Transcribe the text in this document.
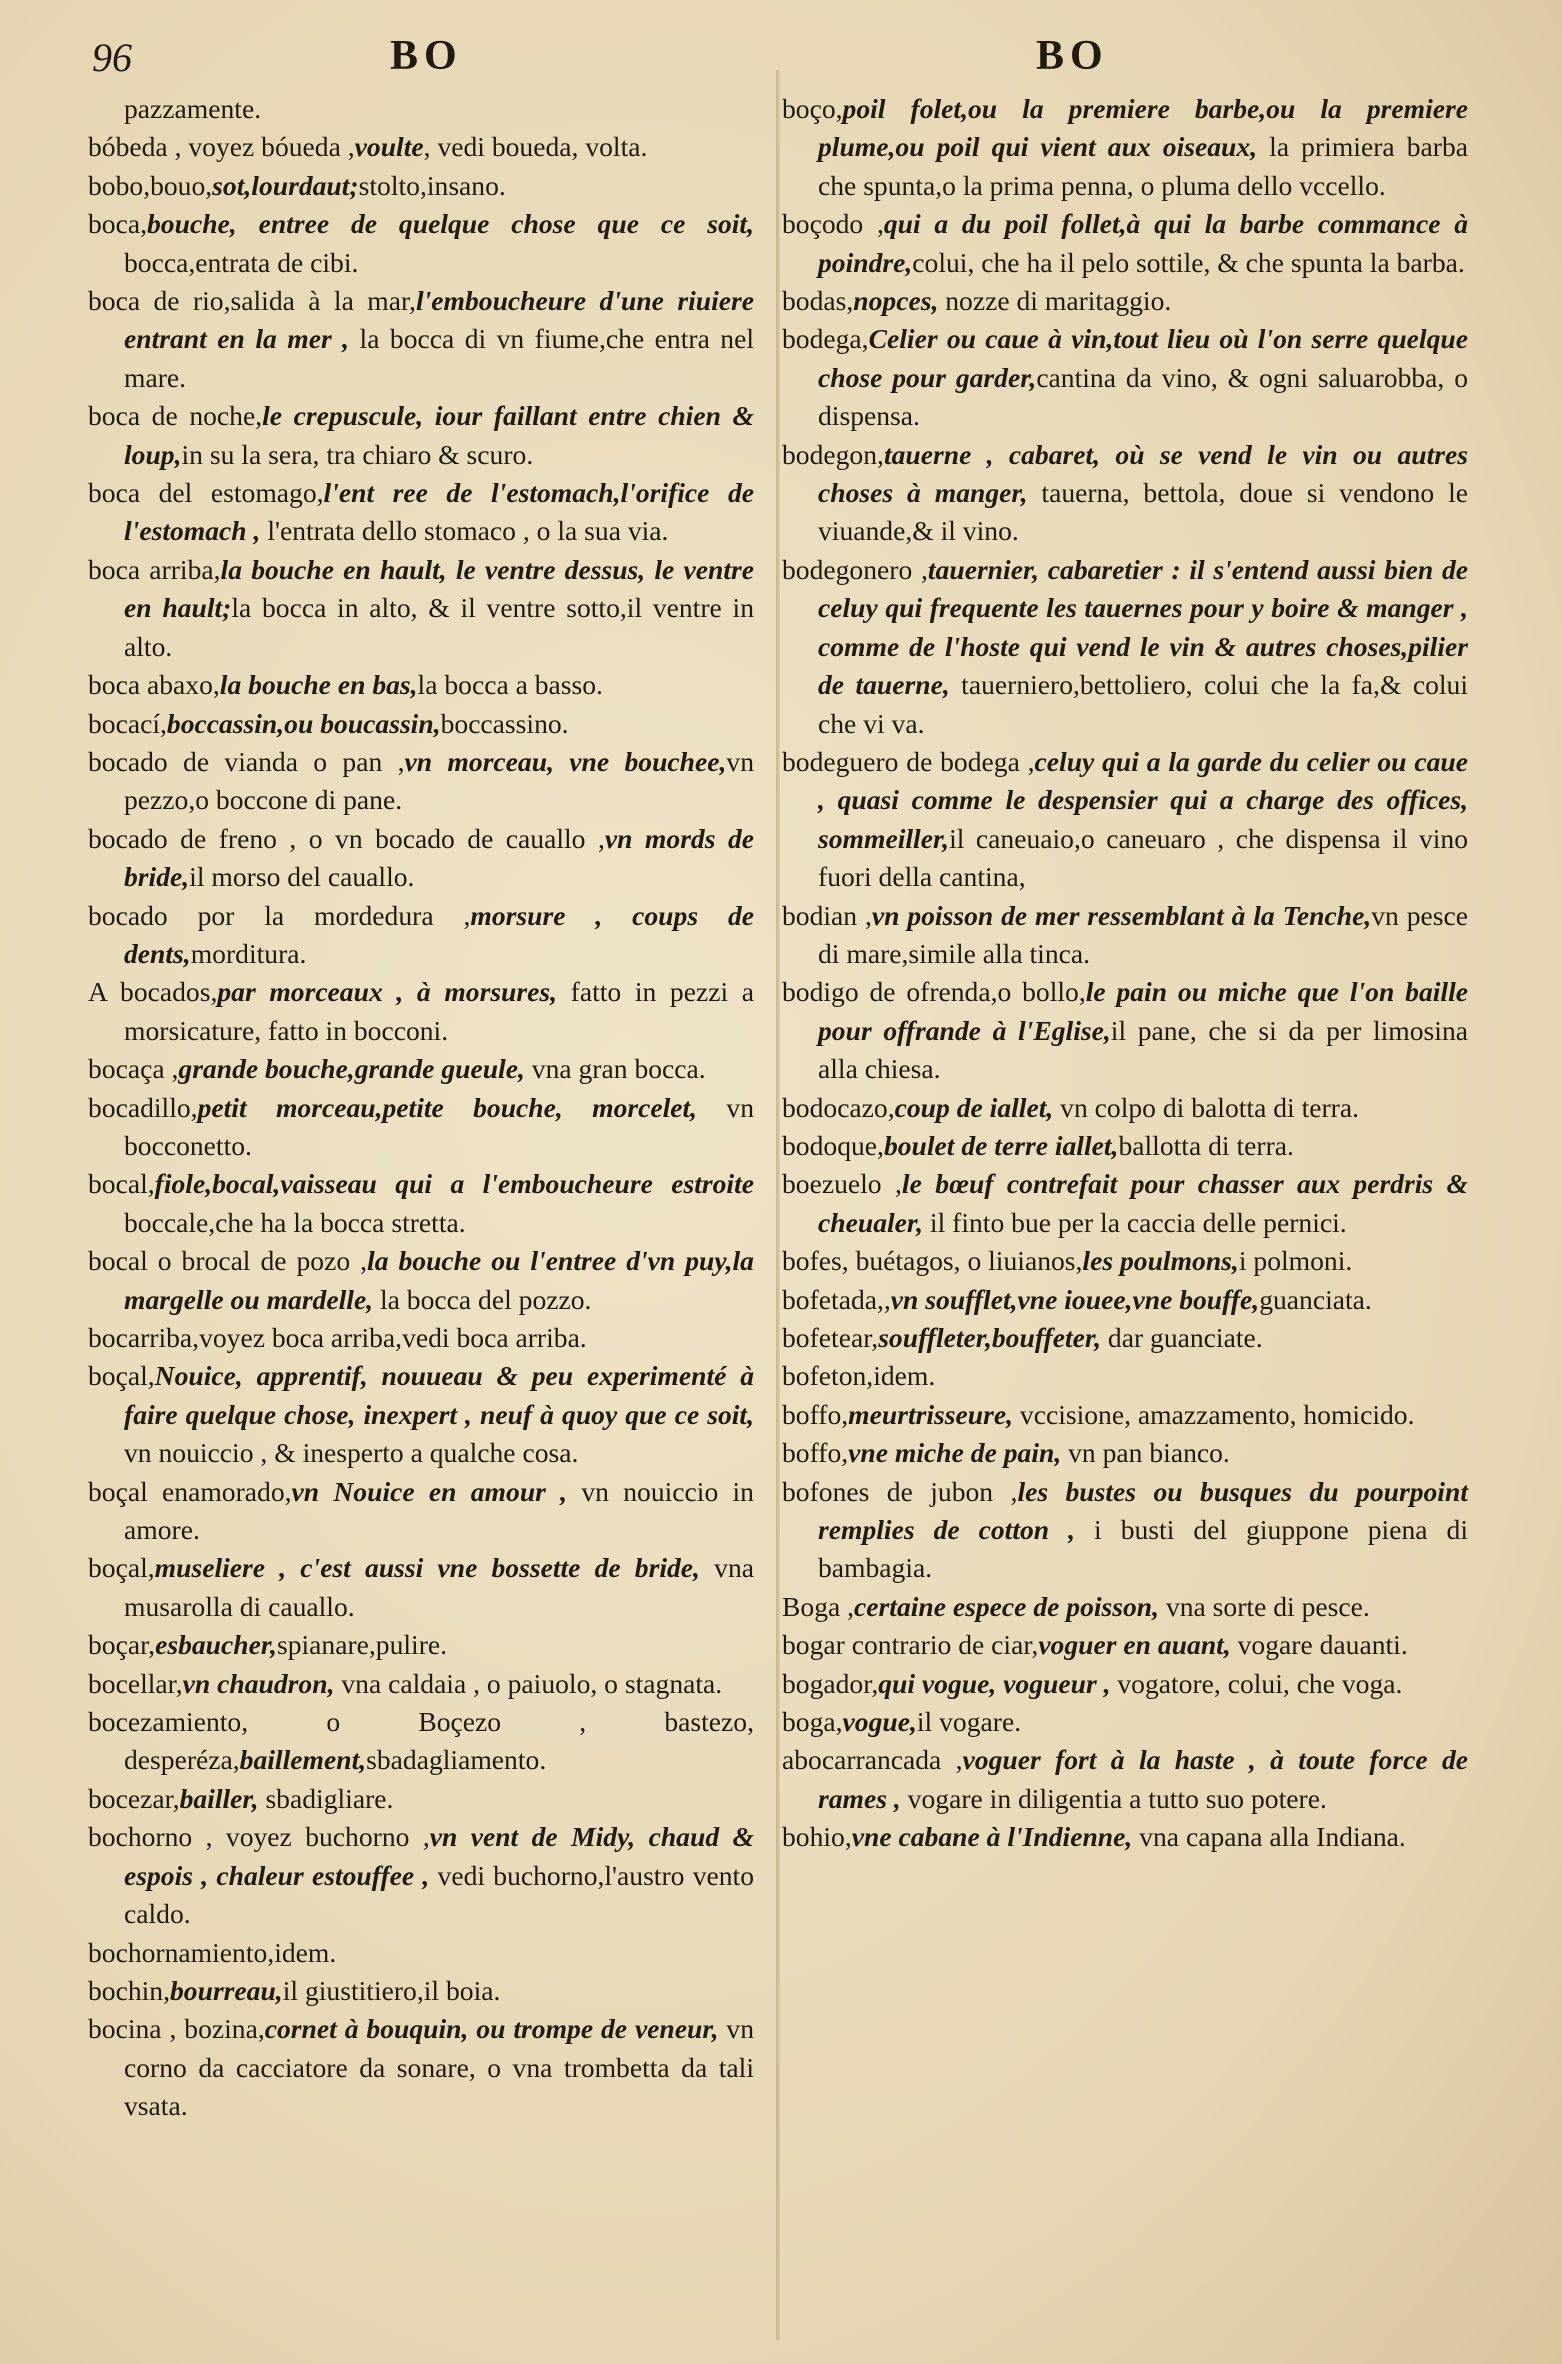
96	BO	BO

pazzamente.

bóbeda , voyez bóueda ,voulte, vedi boueda, volta.

bobo,bouo,sot,lourdaut;stolto,insano.

boca,bouche, entree de quelque chose que ce soit, bocca,entrata de cibi.

boca de rio,salida à la mar,l'emboucheure d'une riuiere entrant en la mer , la bocca di vn fiume,che entra nel mare.

boca de noche,le crepuscule, iour faillant entre chien & loup,in su la sera, tra chiaro & scuro.

boca del estomago,l'ent ree de l'estomach,l'orifice de l'estomach , l'entrata dello stomaco , o la sua via.

boca arriba,la bouche en hault, le ventre dessus, le ventre en hault;la bocca in alto, & il ventre sotto,il ventre in alto.

boca abaxo,la bouche en bas,la bocca a basso.

bocací,boccassin,ou boucassin,boccassino.

bocado de vianda o pan ,vn morceau, vne bouchee,vn pezzo,o boccone di pane.

bocado de freno , o vn bocado de cauallo ,vn mords de bride,il morso del cauallo.

bocado por la mordedura ,morsure , coups de dents,morditura.

A bocados,par morceaux , à morsures, fatto in pezzi a morsicature, fatto in bocconi.

bocaça ,grande bouche,grande gueule, vna gran bocca.

bocadillo,petit morceau,petite bouche, morcelet, vn bocconetto.

bocal,fiole,bocal,vaisseau qui a l'emboucheure estroite boccale,che ha la bocca stretta.

bocal o brocal de pozo ,la bouche ou l'entree d'vn puy,la margelle ou mardelle, la bocca del pozzo.

bocarriba,voyez boca arriba,vedi boca arriba.

boçal,Nouice, apprentif, nouueau & peu experimenté à faire quelque chose, inexpert , neuf à quoy que ce soit, vn nouiccio , & inesperto a qualche cosa.

boçal enamorado,vn Nouice en amour , vn nouiccio in amore.

boçal,museliere , c'est aussi vne bossette de bride, vna musarolla di cauallo.

boçar,esbaucher,spianare,pulire.

bocellar,vn chaudron, vna caldaia , o paiuolo, o stagnata.

bocezamiento, o Boçezo , bastezo, desperéza,baillement,sbadagliamento.

bocezar,bailler, sbadigliare.

bochorno , voyez buchorno ,vn vent de Midy, chaud & espois , chaleur estouffee , vedi buchorno,l'austro vento caldo.

bochornamiento,idem.

bochin,bourreau,il giustitiero,il boia.

bocina , bozina,cornet à bouquin, ou trompe de veneur, vn corno da cacciatore da sonare, o vna trombetta da tali vsata.

boço,poil folet,ou la premiere barbe,ou la premiere plume,ou poil qui vient aux oiseaux, la primiera barba che spunta,o la prima penna, o pluma dello vccello.

boçodo ,qui a du poil follet,à qui la barbe commance à poindre,colui, che ha il pelo sottile, & che spunta la barba.

bodas,nopces, nozze di maritaggio.

bodega,Celier ou caue à vin,tout lieu où l'on serre quelque chose pour garder,cantina da vino, & ogni saluarobba, o dispensa.

bodegon,tauerne , cabaret, où se vend le vin ou autres choses à manger, tauerna, bettola, doue si vendono le viuande,& il vino.

bodegonero ,tauernier, cabaretier : il s'entend aussi bien de celuy qui frequente les tauernes pour y boire & manger , comme de l'hoste qui vend le vin & autres choses,pilier de tauerne, tauerniero,bettoliero, colui che la fa,& colui che vi va.

bodeguero de bodega ,celuy qui a la garde du celier ou caue , quasi comme le despensier qui a charge des offices, sommeiller,il caneuaio,o caneuaro , che dispensa il vino fuori della cantina,

bodian ,vn poisson de mer ressemblant à la Tenche,vn pesce di mare,simile alla tinca.

bodigo de ofrenda,o bollo,le pain ou miche que l'on baille pour offrande à l'Eglise,il pane, che si da per limosina alla chiesa.

bodocazo,coup de iallet, vn colpo di balotta di terra.

bodoque,boulet de terre iallet,ballotta di terra.

boezuelo ,le bœuf contrefait pour chasser aux perdris & cheualer, il finto bue per la caccia delle pernici.

bofes, buétagos, o liuianos,les poulmons,i polmoni.

bofetada,,vn soufflet,vne iouee,vne bouffe,guanciata.

bofetear,souffleter,bouffeter, dar guanciate.

bofeton,idem.

boffo,meurtrisseure, vccisione, amazzamento, homicido.

boffo,vne miche de pain, vn pan bianco.

bofones de jubon ,les bustes ou busques du pourpoint remplies de cotton , i busti del giuppone piena di bambagia.

Boga ,certaine espece de poisson, vna sorte di pesce.

bogar contrario de ciar,voguer en auant, vogare dauanti.

bogador,qui vogue, vogueur , vogatore, colui, che voga.

boga,vogue,il vogare.

abocarrancada ,voguer fort à la haste , à toute force de rames , vogare in diligentia a tutto suo potere.

bohio,vne cabane à l'Indienne, vna capana alla Indiana.
